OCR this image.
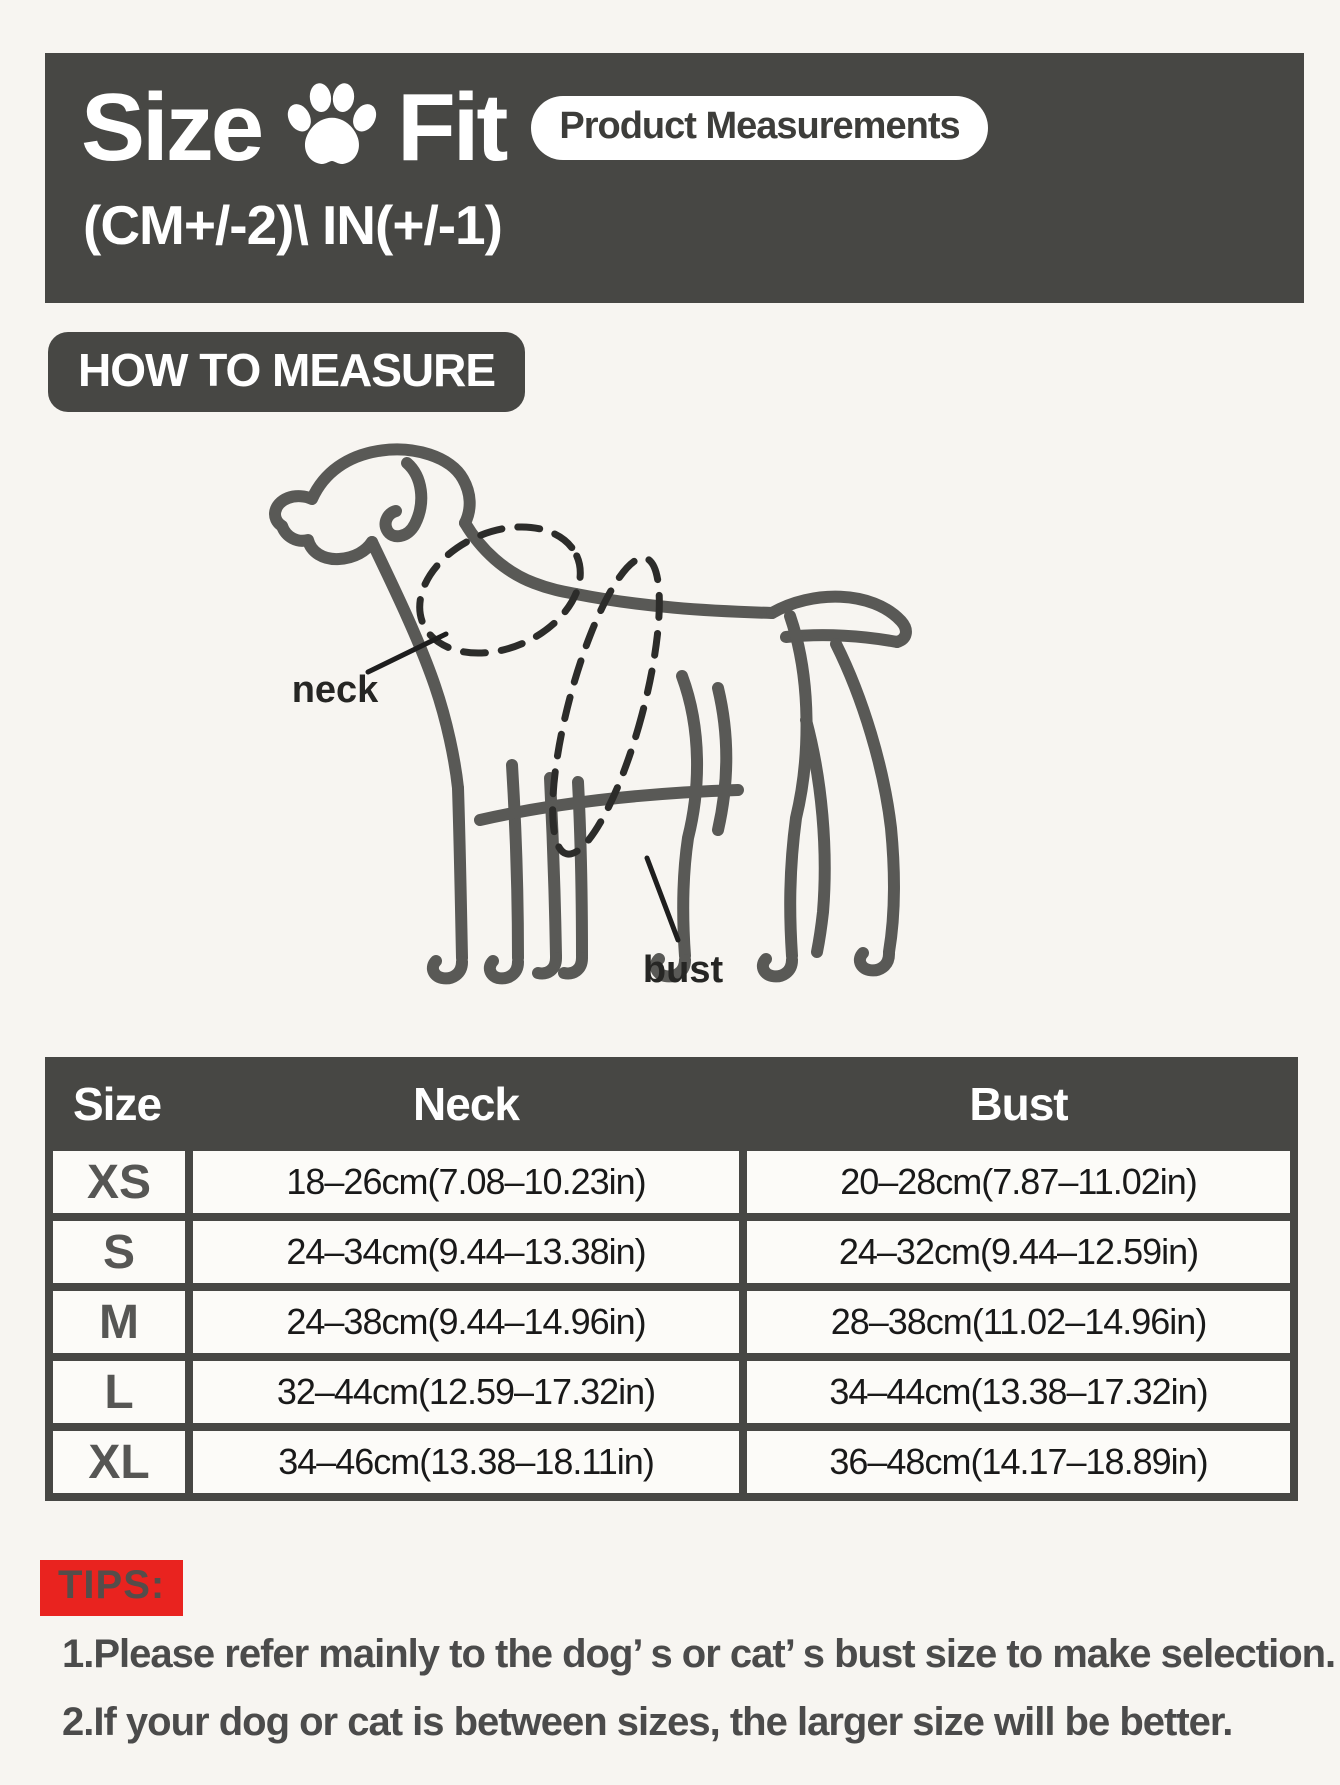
Size Fit	Product Measurements
(CM+/-2)\ IN(+/-1)
HOW TO MEASURE
neck
bust
Size	Neck	Bust
XS	18–26cm(7.08–10.23in)	20–28cm(7.87–11.02in)
S	24–34cm(9.44–13.38in)	24–32cm(9.44–12.59in)
M	24–38cm(9.44–14.96in)	28–38cm(11.02–14.96in)
L	32–44cm(12.59–17.32in)	34–44cm(13.38–17.32in)
XL	34–46cm(13.38–18.11in)	36–48cm(14.17–18.89in)
TIPS:
1.Please refer mainly to the dog’ s or cat’ s bust size to make selection.
2.If your dog or cat is between sizes, the larger size will be better.
